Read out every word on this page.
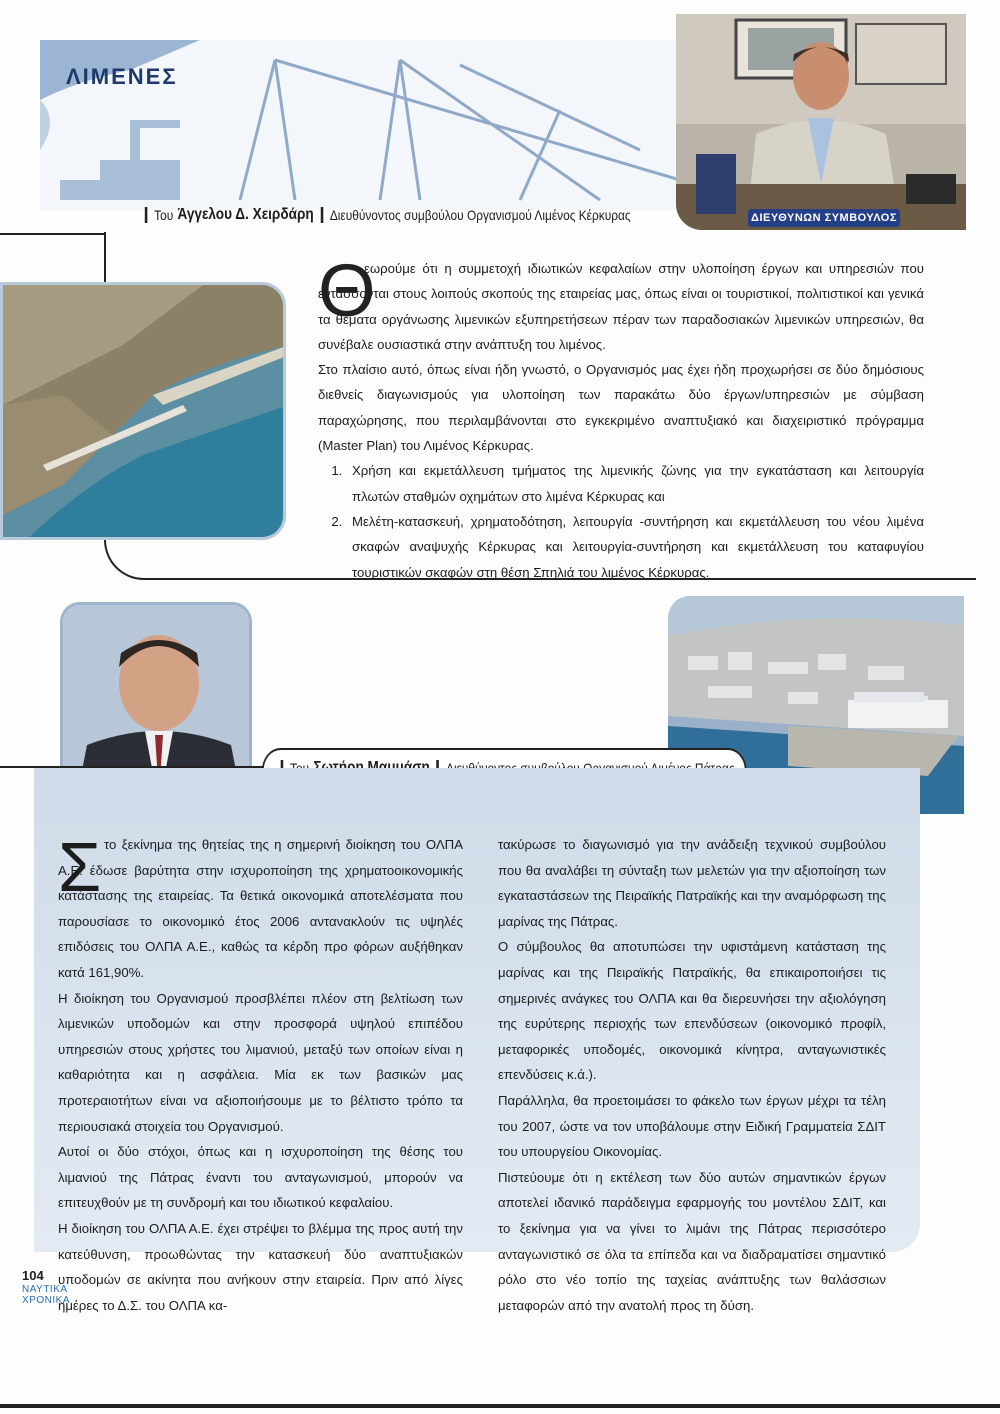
ΛΙΜΕΝΕΣ
ΔΙΕΥΘΥΝΩΝ ΣΥΜΒΟΥΛΟΣ
Του Άγγελου Δ. Χειρδάρη Διευθύνοντος συμβούλου Οργανισμού Λιμένος Κέρκυρας
Θ

εωρούμε ότι η συμμετοχή ιδιωτικών κεφαλαίων στην υλοποίηση έργων και υπηρεσιών που εντάσσονται στους λοιπούς σκοπούς της εταιρείας μας, όπως είναι οι τουριστικοί, πολιτιστικοί και γενικά τα θέματα οργάνωσης λιμενικών εξυπηρετήσεων πέραν των παραδοσιακών λιμενικών υπηρεσιών, θα συνέβαλε ουσιαστικά στην ανάπτυξη του λιμένος.

Στο πλαίσιο αυτό, όπως είναι ήδη γνωστό, ο Οργανισμός μας έχει ήδη προχωρήσει σε δύο δημόσιους διεθνείς διαγωνισμούς για υλοποίηση των παρακάτω δύο έργων/υπηρεσιών με σύμβαση παραχώρησης, που περιλαμβάνονται στο εγκεκριμένο αναπτυξιακό και διαχειριστικό πρόγραμμα (Master Plan) του Λιμένος Κέρκυρας.

1. Χρήση και εκμετάλλευση τμήματος της λιμενικής ζώνης για την εγκατάσταση και λειτουργία πλωτών σταθμών οχημάτων στο λιμένα Κέρκυρας και
2. Μελέτη-κατασκευή, χρηματοδότηση, λειτουργία -συντήρηση και εκμετάλλευση του νέου λιμένα σκαφών αναψυχής Κέρκυρας και λειτουργία-συντήρηση και εκμετάλλευση του καταφυγίου τουριστικών σκαφών στη θέση Σπηλιά του λιμένος Κέρκυρας.
Σ το ξεκίνημα της θητείας της η σημερινή διοίκηση του ΟΛΠΑ Α.Ε. έδωσε βαρύτητα στην ισχυροποίηση της χρηματοοικονομικής κατάστασης της εταιρείας. Τα θετικά οικονομικά αποτελέσματα που παρουσίασε το οικονομικό έτος 2006 αντανακλούν τις υψηλές επιδόσεις του ΟΛΠΑ Α.Ε., καθώς τα κέρδη προ φόρων αυξήθηκαν κατά 161,90%.

Η διοίκηση του Οργανισμού προσβλέπει πλέον στη βελτίωση των λιμενικών υποδομών και στην προσφορά υψηλού επιπέδου υπηρεσιών στους χρήστες του λιμανιού, μεταξύ των οποίων είναι η καθαριότητα και η ασφάλεια. Μία εκ των βασικών μας προτεραιοτήτων είναι να αξιοποιήσουμε με το βέλτιστο τρόπο τα περιουσιακά στοιχεία του Οργανισμού.

Αυτοί οι δύο στόχοι, όπως και η ισχυροποίηση της θέσης του λιμανιού της Πάτρας έναντι του ανταγωνισμού, μπορούν να επιτευχθούν με τη συνδρομή και του ιδιωτικού κεφαλαίου.

Η διοίκηση του ΟΛΠΑ Α.Ε. έχει στρέψει το βλέμμα της προς αυτή την κατεύθυνση, προωθώντας την κατασκευή δύο αναπτυξιακών υποδομών σε ακίνητα που ανήκουν στην εταιρεία. Πριν από λίγες ημέρες το Δ.Σ. του ΟΛΠΑ κα-

τακύρωσε το διαγωνισμό για την ανάδειξη τεχνικού συμβούλου που θα αναλάβει τη σύνταξη των μελετών για την αξιοποίηση των εγκαταστάσεων της Πειραϊκής Πατραϊκής και την αναμόρφωση της μαρίνας της Πάτρας.

Ο σύμβουλος θα αποτυπώσει την υφιστάμενη κατάσταση της μαρίνας και της Πειραϊκής Πατραϊκής, θα επικαιροποιήσει τις σημερινές ανάγκες του ΟΛΠΑ και θα διερευνήσει την αξιολόγηση της ευρύτερης περιοχής των επενδύσεων (οικονομικό προφίλ, μεταφορικές υποδομές, οικονομικά κίνητρα, ανταγωνιστικές επενδύσεις κ.ά.).

Παράλληλα, θα προετοιμάσει το φάκελο των έργων μέχρι τα τέλη του 2007, ώστε να τον υποβάλουμε στην Ειδική Γραμματεία ΣΔΙΤ του υπουργείου Οικονομίας.

Πιστεύουμε ότι η εκτέλεση των δύο αυτών σημαντικών έργων αποτελεί ιδανικό παράδειγμα εφαρμογής του μοντέλου ΣΔΙΤ, και το ξεκίνημα για να γίνει το λιμάνι της Πάτρας περισσότερο ανταγωνιστικό σε όλα τα επίπεδα και να διαδραματίσει σημαντικό ρόλο στο νέο τοπίο της ταχείας ανάπτυξης των θαλάσσιων μεταφορών από την ανατολή προς τη δύση.

104
ΝΑΥΤΙΚΑ
ΧΡΟΝΙΚΑ
